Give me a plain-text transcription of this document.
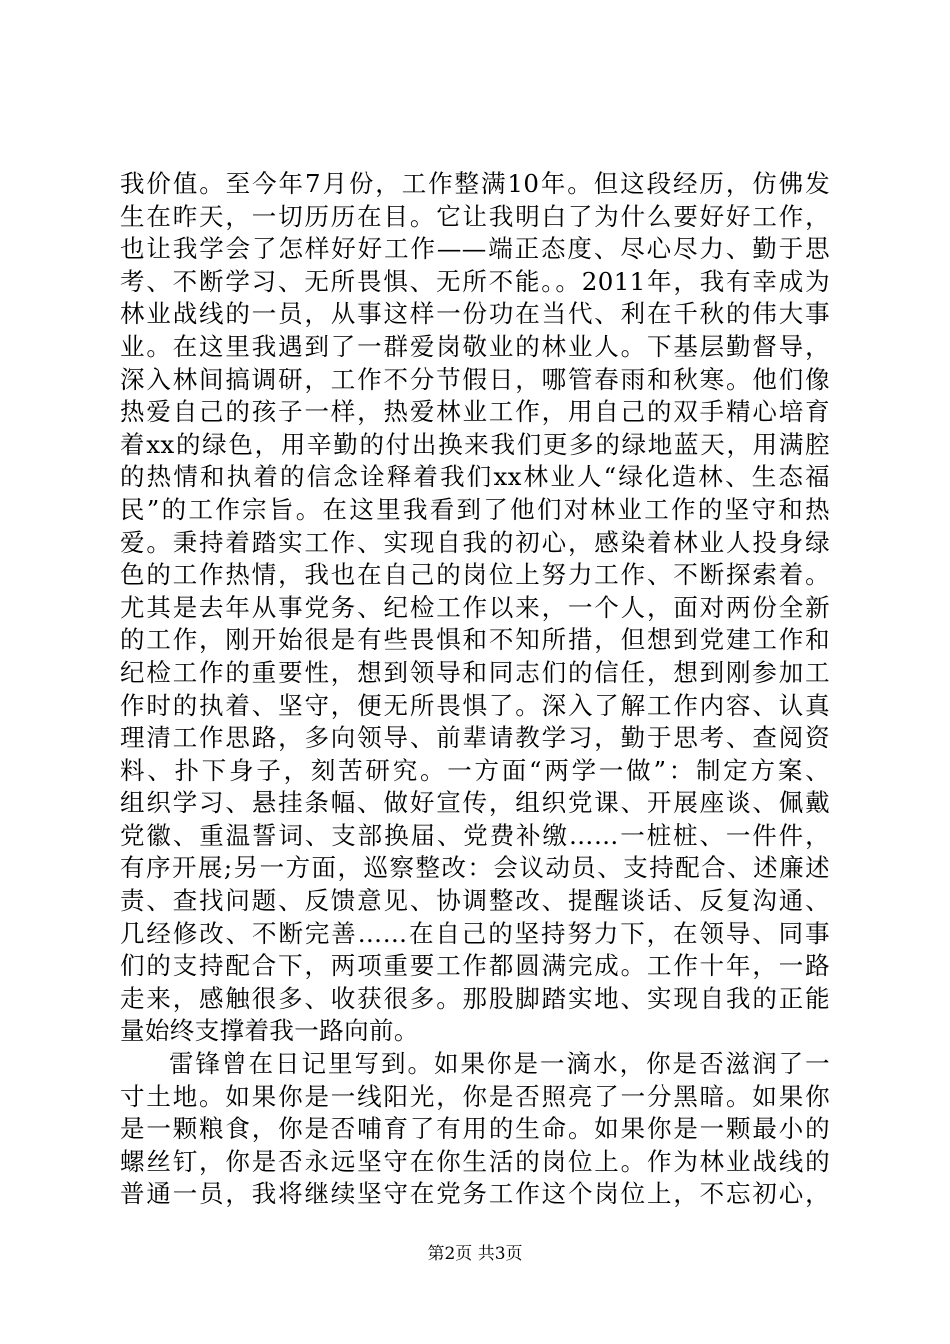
我价值。至今年7月份，工作整满10年。但这段经历，仿佛发
生在昨天，一切历历在目。它让我明白了为什么要好好工作，
也让我学会了怎样好好工作——端正态度、尽心尽力、勤于思
考、不断学习、无所畏惧、无所不能。。2011年，我有幸成为
林业战线的一员，从事这样一份功在当代、利在千秋的伟大事
业。在这里我遇到了一群爱岗敬业的林业人。下基层勤督导，
深入林间搞调研，工作不分节假日，哪管春雨和秋寒。他们像
热爱自己的孩子一样，热爱林业工作，用自己的双手精心培育
着xx的绿色，用辛勤的付出换来我们更多的绿地蓝天，用满腔
的热情和执着的信念诠释着我们xx林业人“绿化造林、生态福
民”的工作宗旨。在这里我看到了他们对林业工作的坚守和热
爱。秉持着踏实工作、实现自我的初心，感染着林业人投身绿
色的工作热情，我也在自己的岗位上努力工作、不断探索着。
尤其是去年从事党务、纪检工作以来，一个人，面对两份全新
的工作，刚开始很是有些畏惧和不知所措，但想到党建工作和
纪检工作的重要性，想到领导和同志们的信任，想到刚参加工
作时的执着、坚守，便无所畏惧了。深入了解工作内容、认真
理清工作思路，多向领导、前辈请教学习，勤于思考、查阅资
料、扑下身子，刻苦研究。一方面“两学一做”：制定方案、
组织学习、悬挂条幅、做好宣传，组织党课、开展座谈、佩戴
党徽、重温誓词、支部换届、党费补缴……一桩桩、一件件，
有序开展;另一方面，巡察整改：会议动员、支持配合、述廉述
责、查找问题、反馈意见、协调整改、提醒谈话、反复沟通、
几经修改、不断完善……在自己的坚持努力下，在领导、同事
们的支持配合下，两项重要工作都圆满完成。工作十年，一路
走来，感触很多、收获很多。那股脚踏实地、实现自我的正能
量始终支撑着我一路向前。
雷锋曾在日记里写到。如果你是一滴水，你是否滋润了一
寸土地。如果你是一线阳光，你是否照亮了一分黑暗。如果你
是一颗粮食，你是否哺育了有用的生命。如果你是一颗最小的
螺丝钉，你是否永远坚守在你生活的岗位上。作为林业战线的
普通一员，我将继续坚守在党务工作这个岗位上，不忘初心，
第2页 共3页
